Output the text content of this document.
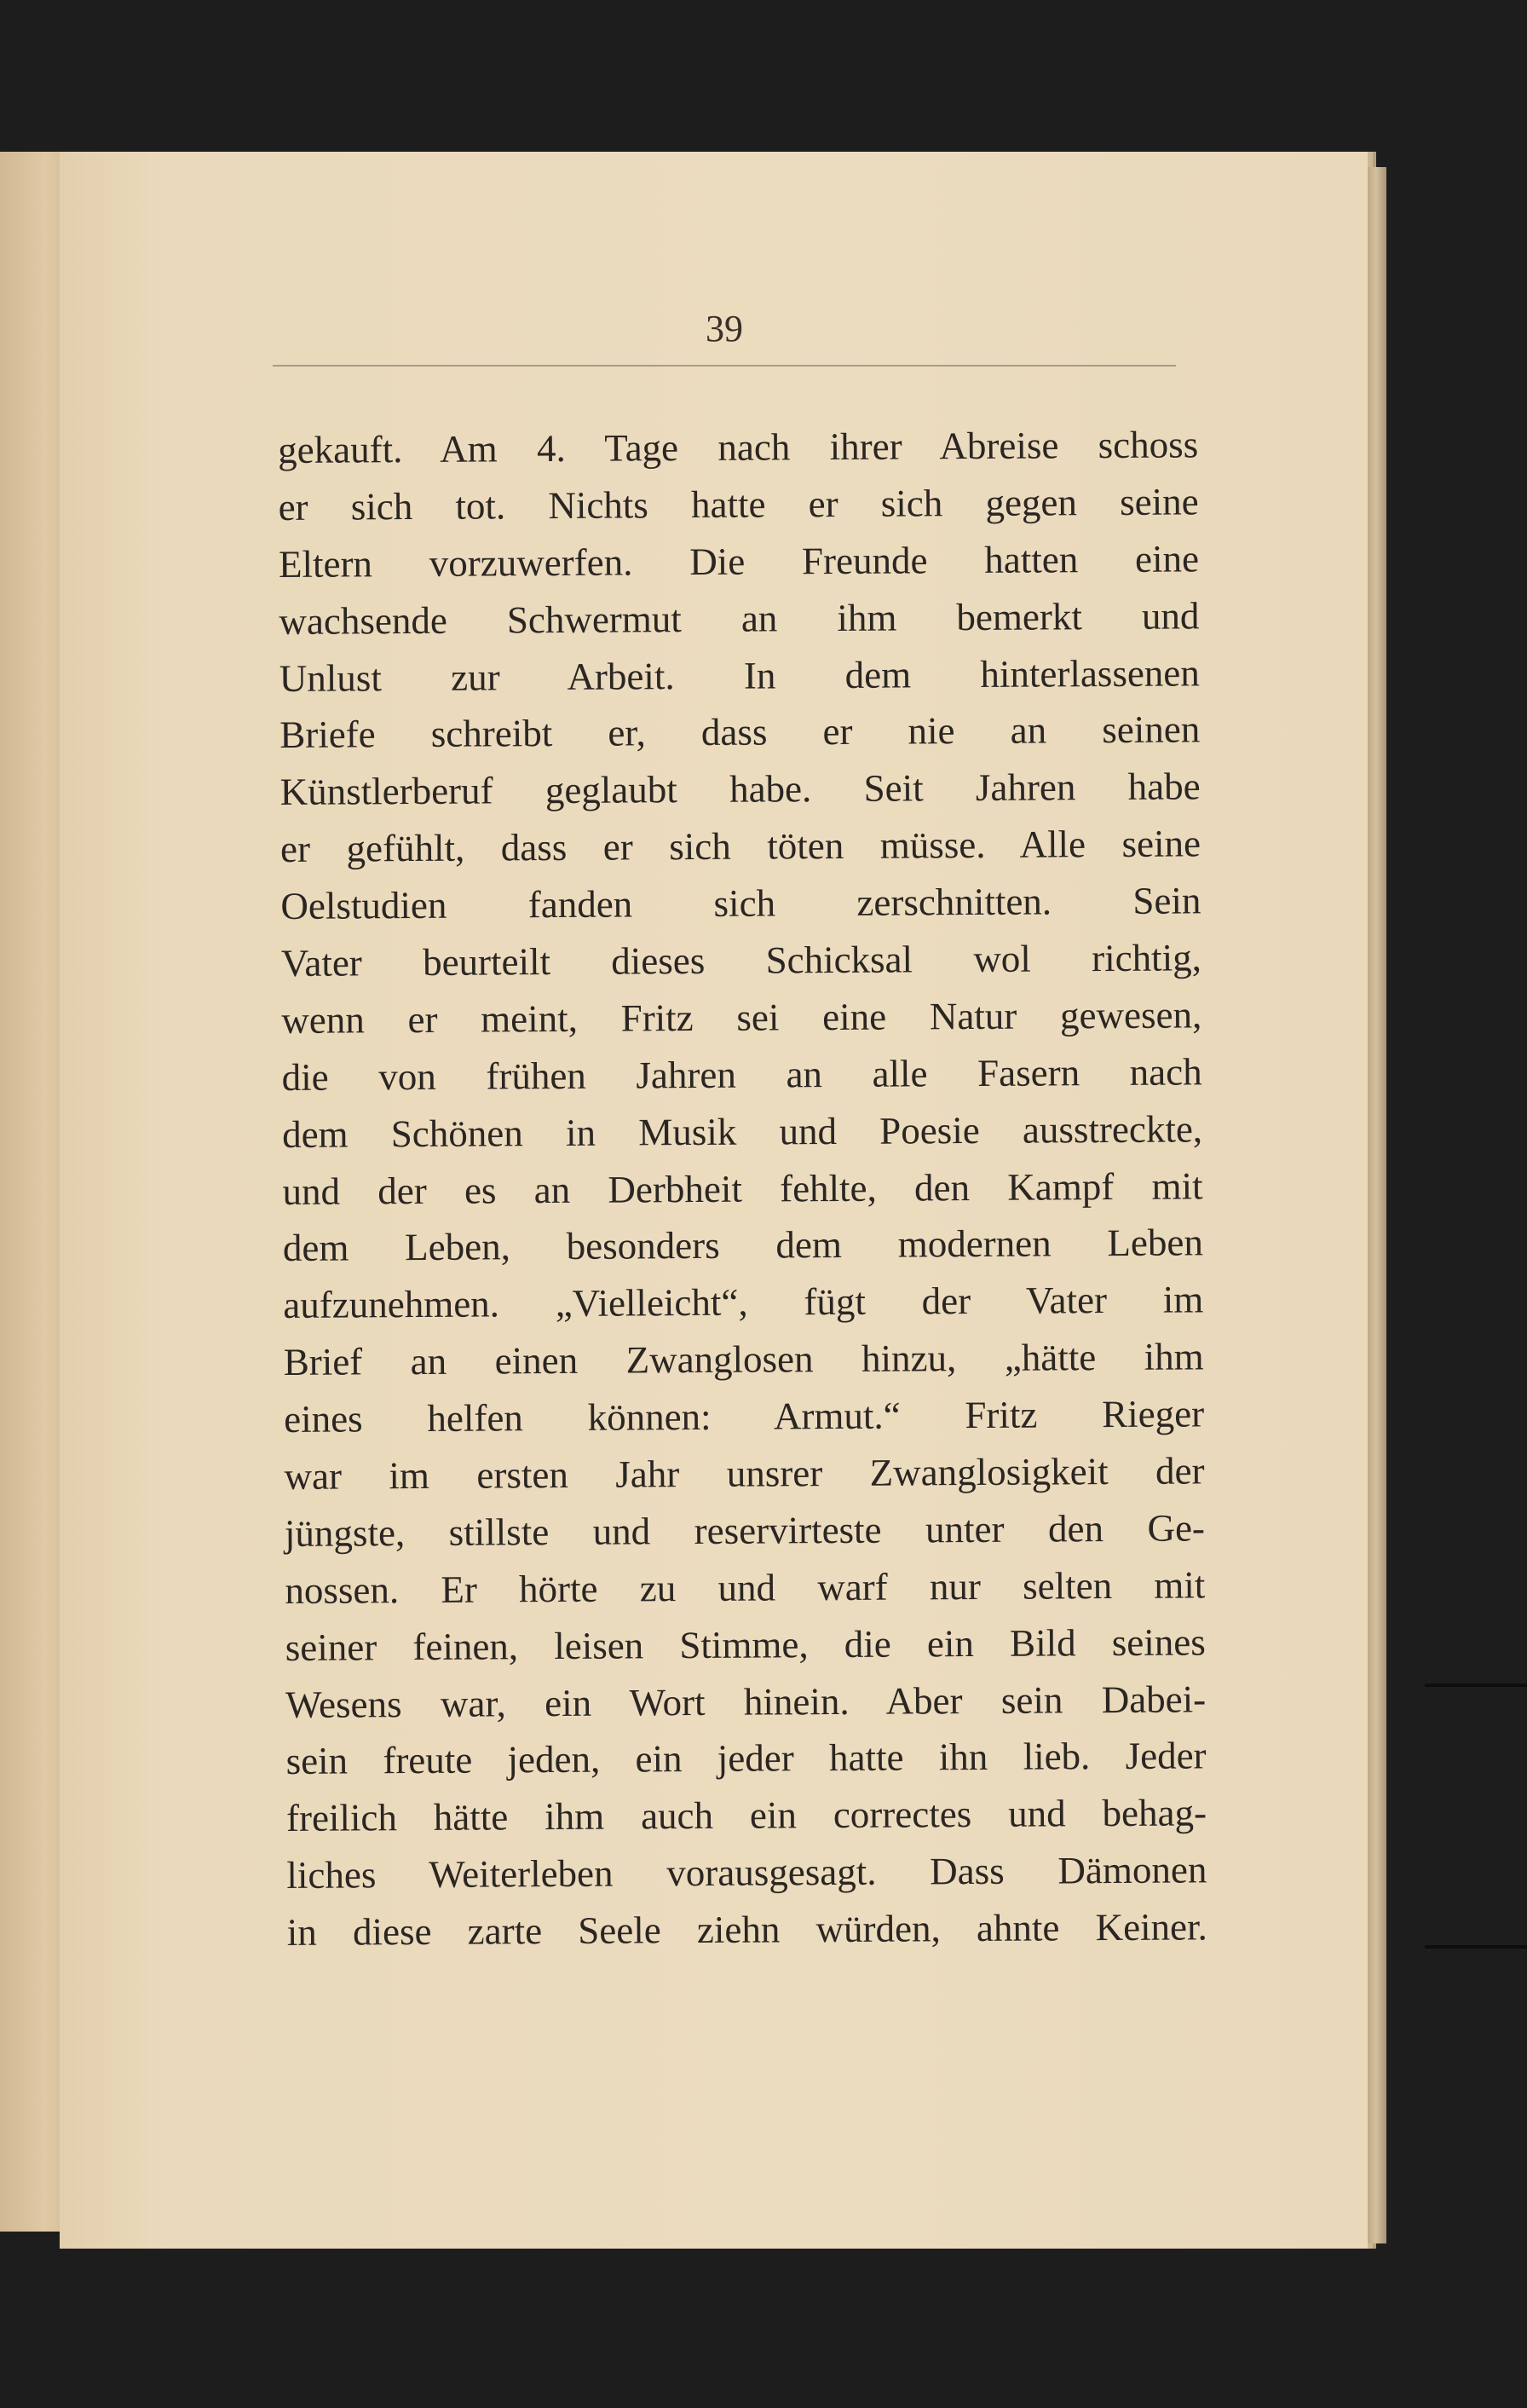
39
gekauft. Am 4. Tage nach ihrer Abreise schoss
er sich tot. Nichts hatte er sich gegen seine
Eltern vorzuwerfen. Die Freunde hatten eine
wachsende Schwermut an ihm bemerkt und
Unlust zur Arbeit. In dem hinterlassenen
Briefe schreibt er, dass er nie an seinen
Künstlerberuf geglaubt habe. Seit Jahren habe
er gefühlt, dass er sich töten müsse. Alle seine
Oelstudien fanden sich zerschnitten. Sein
Vater beurteilt dieses Schicksal wol richtig,
wenn er meint, Fritz sei eine Natur gewesen,
die von frühen Jahren an alle Fasern nach
dem Schönen in Musik und Poesie ausstreckte,
und der es an Derbheit fehlte, den Kampf mit
dem Leben, besonders dem modernen Leben
aufzunehmen. „Vielleicht“, fügt der Vater im
Brief an einen Zwanglosen hinzu, „hätte ihm
eines helfen können: Armut.“ Fritz Rieger
war im ersten Jahr unsrer Zwanglosigkeit der
jüngste, stillste und reservirteste unter den Ge-
nossen. Er hörte zu und warf nur selten mit
seiner feinen, leisen Stimme, die ein Bild seines
Wesens war, ein Wort hinein. Aber sein Dabei-
sein freute jeden, ein jeder hatte ihn lieb. Jeder
freilich hätte ihm auch ein correctes und behag-
liches Weiterleben vorausgesagt. Dass Dämonen
in diese zarte Seele ziehn würden, ahnte Keiner.
